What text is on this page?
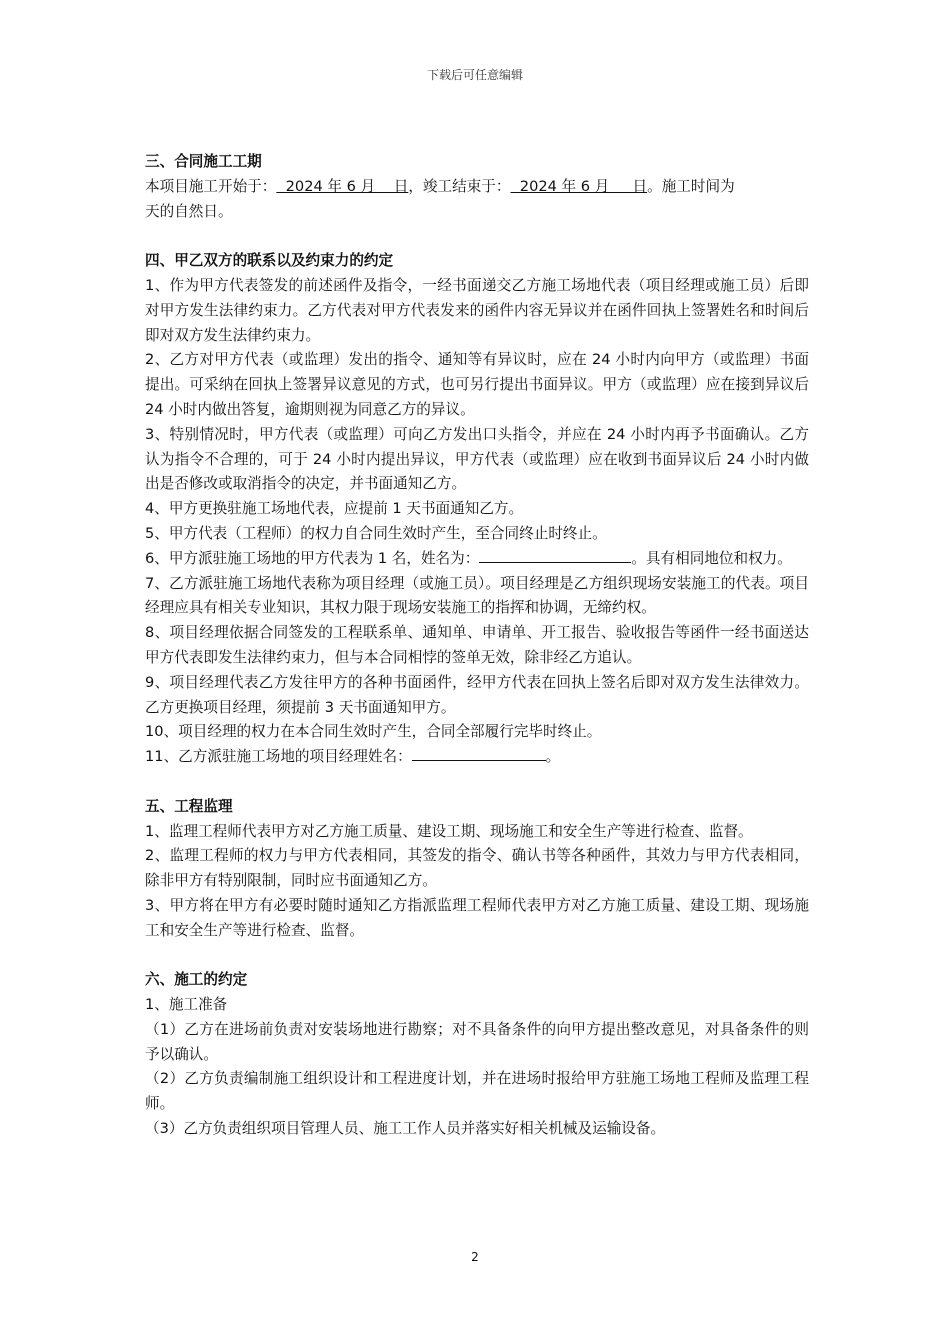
下载后可任意编辑

三、合同施工工期

本项目施工开始于：  2024 年 6 月    日，竣工结束于：  2024 年 6 月     日。施工时间为

天的自然日。

四、甲乙双方的联系以及约束力的约定

1、作为甲方代表签发的前述函件及指令，一经书面递交乙方施工场地代表（项目经理或施工员）后即对甲方发生法律约束力。乙方代表对甲方代表发来的函件内容无异议并在函件回执上签署姓名和时间后即对双方发生法律约束力。

2、乙方对甲方代表（或监理）发出的指令、通知等有异议时，应在 24 小时内向甲方（或监理）书面提出。可采纳在回执上签署异议意见的方式，也可另行提出书面异议。甲方（或监理）应在接到异议后 24 小时内做出答复，逾期则视为同意乙方的异议。

3、特别情况时，甲方代表（或监理）可向乙方发出口头指令，并应在 24 小时内再予书面确认。乙方认为指令不合理的，可于 24 小时内提出异议，甲方代表（或监理）应在收到书面异议后 24 小时内做出是否修改或取消指令的决定，并书面通知乙方。

4、甲方更换驻施工场地代表，应提前 1 天书面通知乙方。

5、甲方代表（工程师）的权力自合同生效时产生，至合同终止时终止。

6、甲方派驻施工场地的甲方代表为 1 名，姓名为：	。具有相同地位和权力。

7、乙方派驻施工场地代表称为项目经理（或施工员）。项目经理是乙方组织现场安装施工的代表。项目经理应具有相关专业知识，其权力限于现场安装施工的指挥和协调，无缔约权。

8、项目经理依据合同签发的工程联系单、通知单、申请单、开工报告、验收报告等函件一经书面送达甲方代表即发生法律约束力，但与本合同相悖的签单无效，除非经乙方追认。

9、项目经理代表乙方发往甲方的各种书面函件，经甲方代表在回执上签名后即对双方发生法律效力。乙方更换项目经理，须提前 3 天书面通知甲方。

10、项目经理的权力在本合同生效时产生，合同全部履行完毕时终止。

11、乙方派驻施工场地的项目经理姓名：	。

五、工程监理

1、监理工程师代表甲方对乙方施工质量、建设工期、现场施工和安全生产等进行检查、监督。

2、监理工程师的权力与甲方代表相同，其签发的指令、确认书等各种函件，其效力与甲方代表相同，除非甲方有特别限制，同时应书面通知乙方。

3、甲方将在甲方有必要时随时通知乙方指派监理工程师代表甲方对乙方施工质量、建设工期、现场施工和安全生产等进行检查、监督。

六、施工的约定

1、施工准备

（1）乙方在进场前负责对安装场地进行勘察；对不具备条件的向甲方提出整改意见，对具备条件的则予以确认。

（2）乙方负责编制施工组织设计和工程进度计划，并在进场时报给甲方驻施工场地工程师及监理工程师。

（3）乙方负责组织项目管理人员、施工工作人员并落实好相关机械及运输设备。

2
